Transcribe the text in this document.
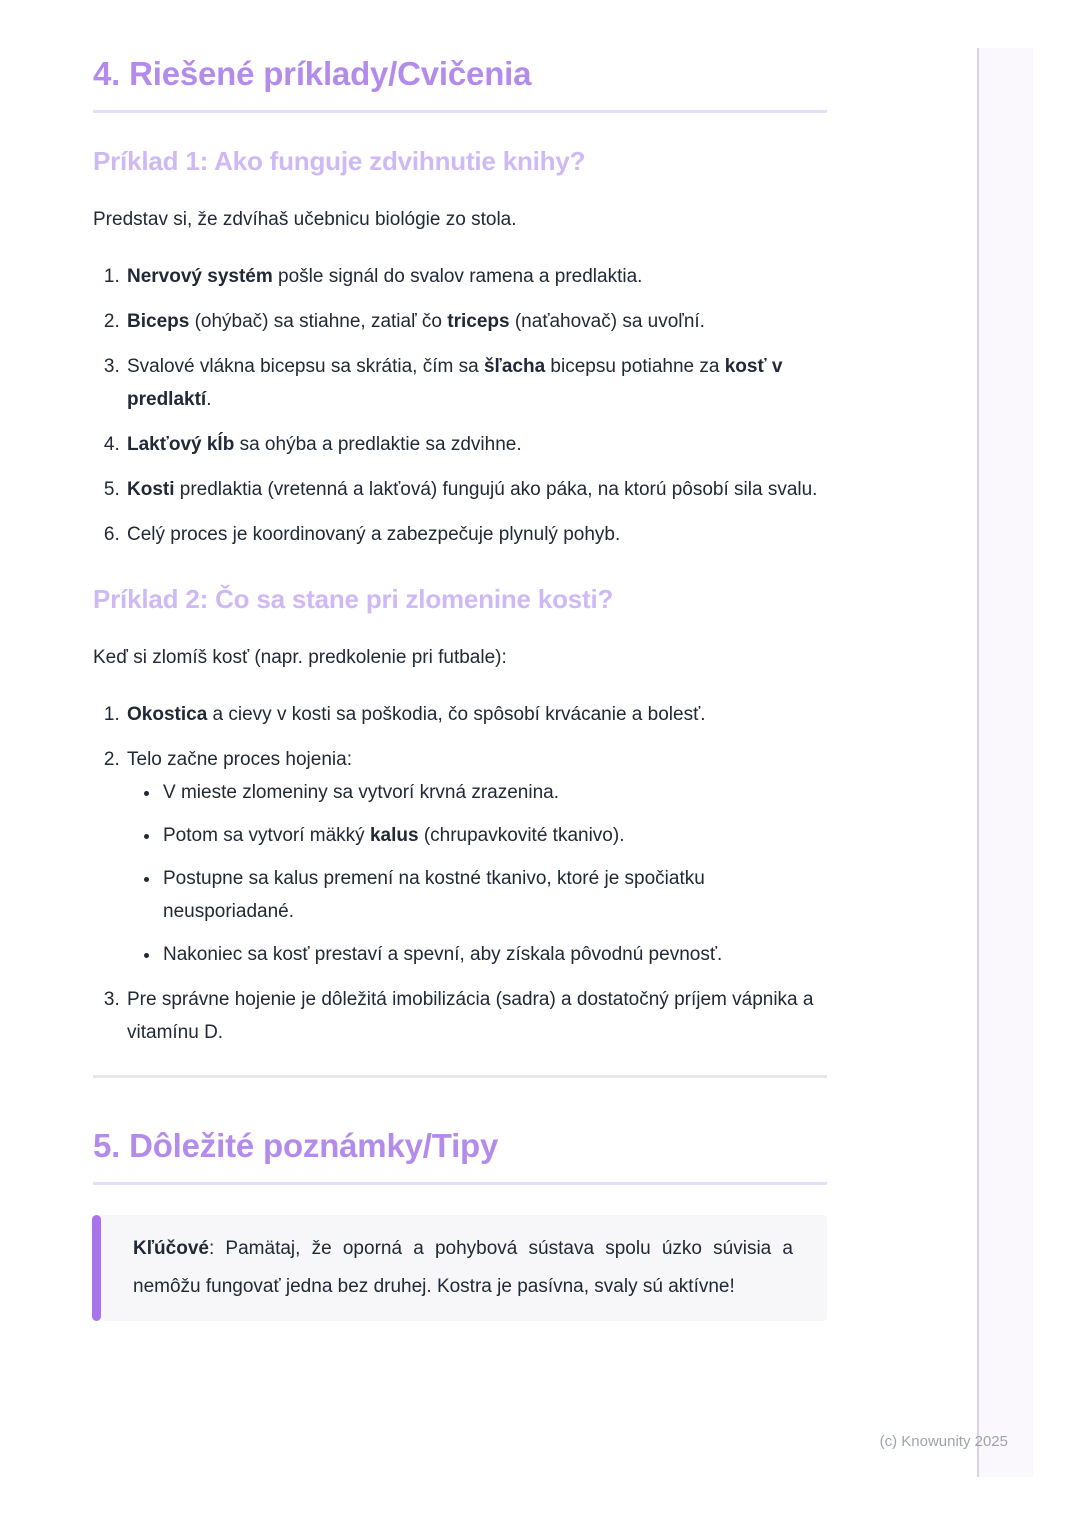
4. Riešené príklady/Cvičenia
Príklad 1: Ako funguje zdvihnutie knihy?

Predstav si, že zdvíhaš učebnicu biológie zo stola.

1. Nervový systém pošle signál do svalov ramena a predlaktia.
2. Biceps (ohýbač) sa stiahne, zatiaľ čo triceps (naťahovač) sa uvoľní.
3. Svalové vlákna bicepsu sa skrátia, čím sa šľacha bicepsu potiahne za kosť v predlaktí.
4. Lakťový kĺb sa ohýba a predlaktie sa zdvihne.
5. Kosti predlaktia (vretenná a lakťová) fungujú ako páka, na ktorú pôsobí sila svalu.
6. Celý proces je koordinovaný a zabezpečuje plynulý pohyb.
Príklad 2: Čo sa stane pri zlomenine kosti?

Keď si zlomíš kosť (napr. predkolenie pri futbale):

1. Okostica a cievy v kosti sa poškodia, čo spôsobí krvácanie a bolesť.
2. Telo začne proces hojenia:
• V mieste zlomeniny sa vytvorí krvná zrazenina.
• Potom sa vytvorí mäkký kalus (chrupavkovité tkanivo).
• Postupne sa kalus premení na kostné tkanivo, ktoré je spočiatku neusporiadané.
• Nakoniec sa kosť prestaví a spevní, aby získala pôvodnú pevnosť.
3. Pre správne hojenie je dôležitá imobilizácia (sadra) a dostatočný príjem vápnika a vitamínu D.
5. Dôležité poznámky/Tipy
Kľúčové: Pamätaj, že oporná a pohybová sústava spolu úzko súvisia a nemôžu fungovať jedna bez druhej. Kostra je pasívna, svaly sú aktívne!
(c) Knowunity 2025
